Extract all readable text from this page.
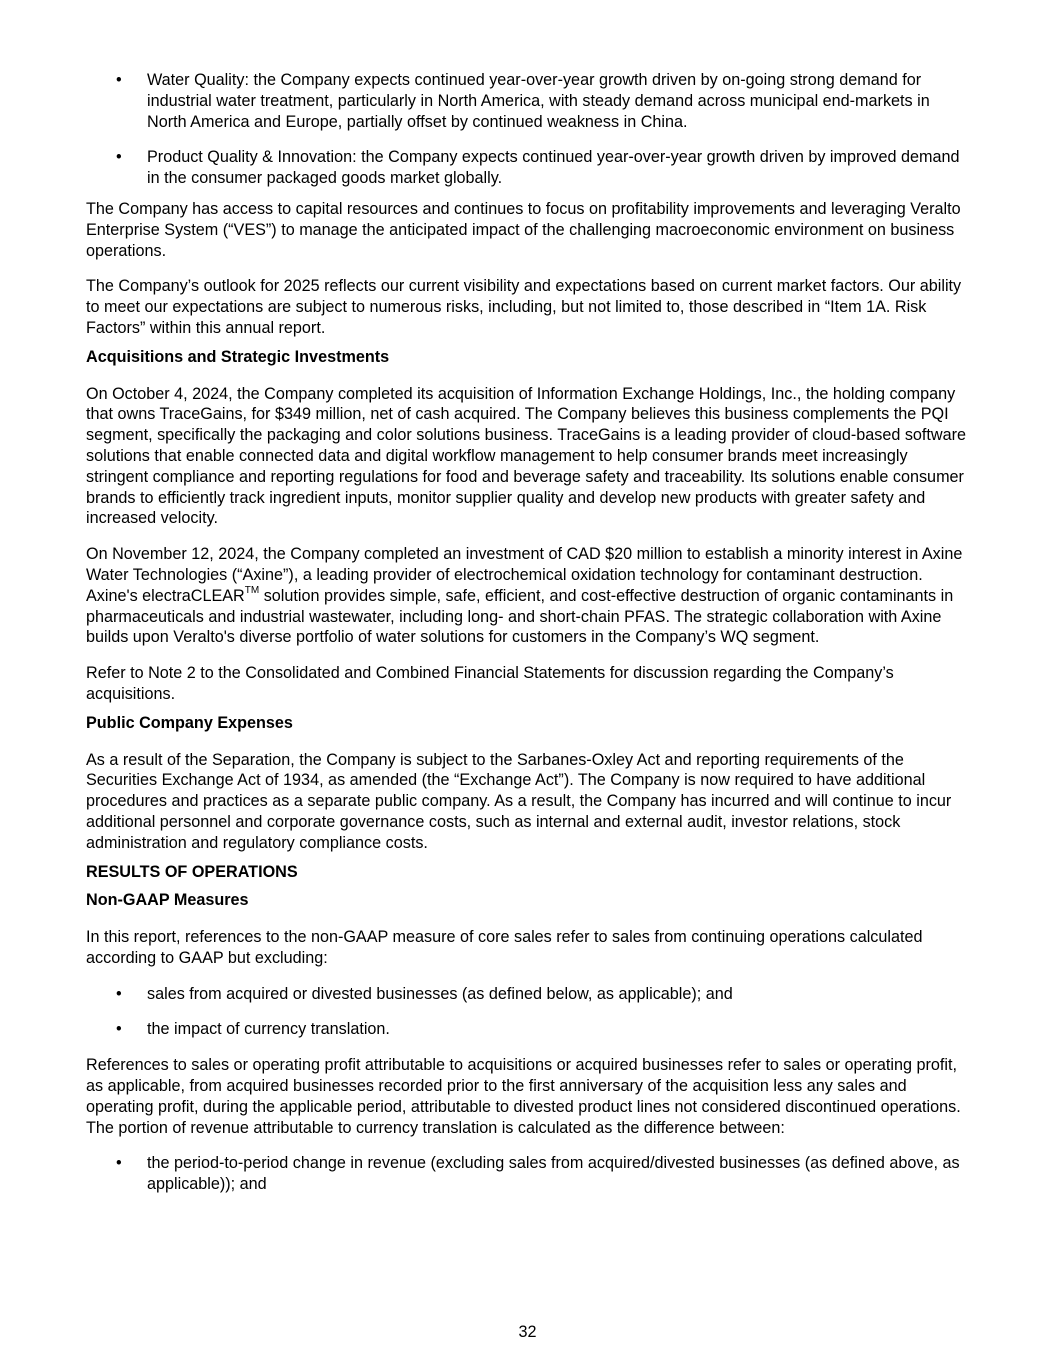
• Water Quality: the Company expects continued year-over-year growth driven by on-going strong demand for industrial water treatment, particularly in North America, with steady demand across municipal end-markets in North America and Europe, partially offset by continued weakness in China.
• Product Quality & Innovation: the Company expects continued year-over-year growth driven by improved demand in the consumer packaged goods market globally.

The Company has access to capital resources and continues to focus on profitability improvements and leveraging Veralto Enterprise System (“VES”) to manage the anticipated impact of the challenging macroeconomic environment on business operations.

The Company’s outlook for 2025 reflects our current visibility and expectations based on current market factors. Our ability to meet our expectations are subject to numerous risks, including, but not limited to, those described in “Item 1A. Risk Factors” within this annual report.

Acquisitions and Strategic Investments

On October 4, 2024, the Company completed its acquisition of Information Exchange Holdings, Inc., the holding company that owns TraceGains, for $349 million, net of cash acquired. The Company believes this business complements the PQI segment, specifically the packaging and color solutions business. TraceGains is a leading provider of cloud-based software solutions that enable connected data and digital workflow management to help consumer brands meet increasingly stringent compliance and reporting regulations for food and beverage safety and traceability. Its solutions enable consumer brands to efficiently track ingredient inputs, monitor supplier quality and develop new products with greater safety and increased velocity.

On November 12, 2024, the Company completed an investment of CAD $20 million to establish a minority interest in Axine Water Technologies (“Axine”), a leading provider of electrochemical oxidation technology for contaminant destruction. Axine's electraCLEAR™ solution provides simple, safe, efficient, and cost-effective destruction of organic contaminants in pharmaceuticals and industrial wastewater, including long- and short-chain PFAS. The strategic collaboration with Axine builds upon Veralto's diverse portfolio of water solutions for customers in the Company’s WQ segment.

Refer to Note 2 to the Consolidated and Combined Financial Statements for discussion regarding the Company’s acquisitions.

Public Company Expenses

As a result of the Separation, the Company is subject to the Sarbanes-Oxley Act and reporting requirements of the Securities Exchange Act of 1934, as amended (the “Exchange Act”). The Company is now required to have additional procedures and practices as a separate public company. As a result, the Company has incurred and will continue to incur additional personnel and corporate governance costs, such as internal and external audit, investor relations, stock administration and regulatory compliance costs.

RESULTS OF OPERATIONS
Non-GAAP Measures

In this report, references to the non-GAAP measure of core sales refer to sales from continuing operations calculated according to GAAP but excluding:

• sales from acquired or divested businesses (as defined below, as applicable); and
• the impact of currency translation.

References to sales or operating profit attributable to acquisitions or acquired businesses refer to sales or operating profit, as applicable, from acquired businesses recorded prior to the first anniversary of the acquisition less any sales and operating profit, during the applicable period, attributable to divested product lines not considered discontinued operations. The portion of revenue attributable to currency translation is calculated as the difference between:

• the period-to-period change in revenue (excluding sales from acquired/divested businesses (as defined above, as applicable)); and
32
